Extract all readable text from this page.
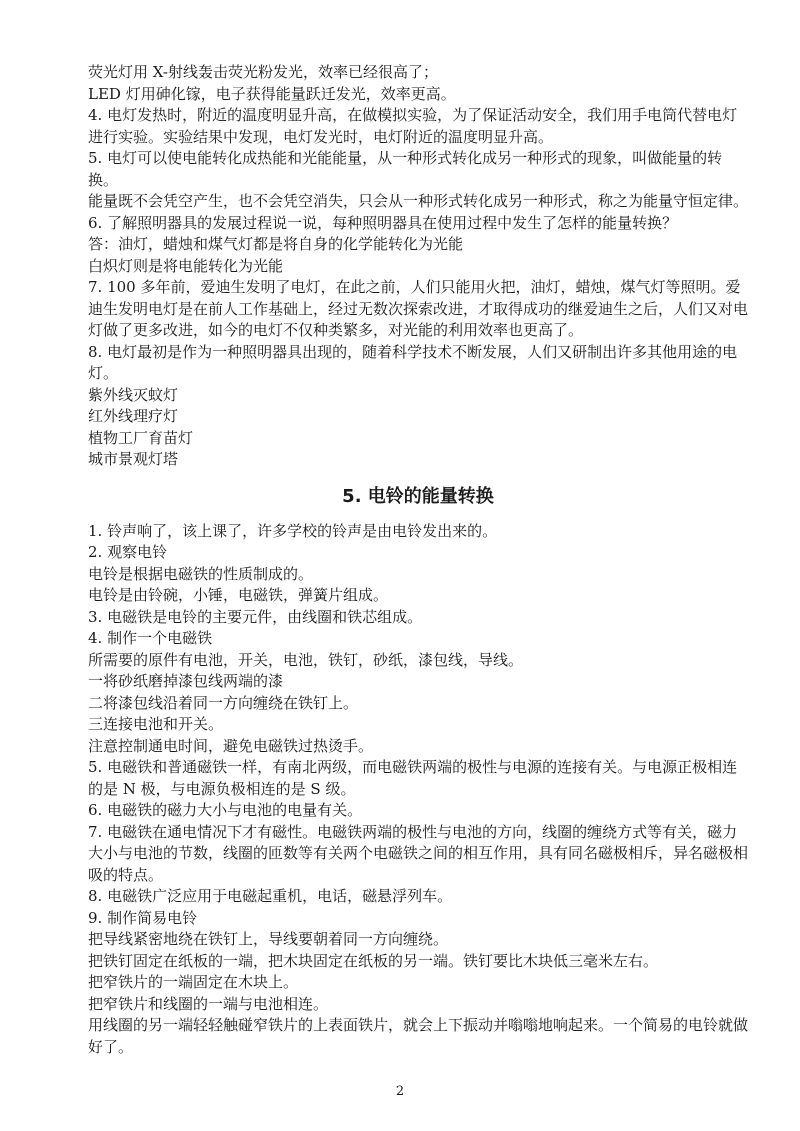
荧光灯用 X-射线轰击荧光粉发光，效率已经很高了；

LED 灯用砷化镓，电子获得能量跃迁发光，效率更高。

4. 电灯发热时，附近的温度明显升高，在做模拟实验，为了保证活动安全，我们用手电筒代替电灯进行实验。实验结果中发现，电灯发光时，电灯附近的温度明显升高。

5. 电灯可以使电能转化成热能和光能能量，从一种形式转化成另一种形式的现象，叫做能量的转换。

能量既不会凭空产生，也不会凭空消失，只会从一种形式转化成另一种形式，称之为能量守恒定律。

6. 了解照明器具的发展过程说一说，每种照明器具在使用过程中发生了怎样的能量转换？

答：油灯，蜡烛和煤气灯都是将自身的化学能转化为光能

白炽灯则是将电能转化为光能

7. 100 多年前，爱迪生发明了电灯，在此之前，人们只能用火把，油灯，蜡烛，煤气灯等照明。爱迪生发明电灯是在前人工作基础上，经过无数次探索改进，才取得成功的继爱迪生之后，人们又对电灯做了更多改进，如今的电灯不仅种类繁多，对光能的利用效率也更高了。

8. 电灯最初是作为一种照明器具出现的，随着科学技术不断发展，人们又研制出许多其他用途的电灯。

紫外线灭蚊灯

红外线理疗灯

植物工厂育苗灯

城市景观灯塔

5. 电铃的能量转换

1. 铃声响了，该上课了，许多学校的铃声是由电铃发出来的。

2. 观察电铃

电铃是根据电磁铁的性质制成的。

电铃是由铃碗，小锤，电磁铁，弹簧片组成。

3. 电磁铁是电铃的主要元件，由线圈和铁芯组成。

4. 制作一个电磁铁

所需要的原件有电池，开关，电池，铁钉，砂纸，漆包线，导线。

一将砂纸磨掉漆包线两端的漆

二将漆包线沿着同一方向缠绕在铁钉上。

三连接电池和开关。

注意控制通电时间，避免电磁铁过热烫手。

5. 电磁铁和普通磁铁一样，有南北两级，而电磁铁两端的极性与电源的连接有关。与电源正极相连的是 N 极，与电源负极相连的是 S 级。

6. 电磁铁的磁力大小与电池的电量有关。

7. 电磁铁在通电情况下才有磁性。电磁铁两端的极性与电池的方向，线圈的缠绕方式等有关，磁力大小与电池的节数，线圈的匝数等有关两个电磁铁之间的相互作用，具有同名磁极相斥，异名磁极相吸的特点。

8. 电磁铁广泛应用于电磁起重机，电话，磁悬浮列车。

9. 制作简易电铃

把导线紧密地绕在铁钉上，导线要朝着同一方向缠绕。

把铁钉固定在纸板的一端，把木块固定在纸板的另一端。铁钉要比木块低三毫米左右。

把窄铁片的一端固定在木块上。

把窄铁片和线圈的一端与电池相连。

用线圈的另一端轻轻触碰窄铁片的上表面铁片，就会上下振动并嗡嗡地响起来。一个简易的电铃就做好了。

2
